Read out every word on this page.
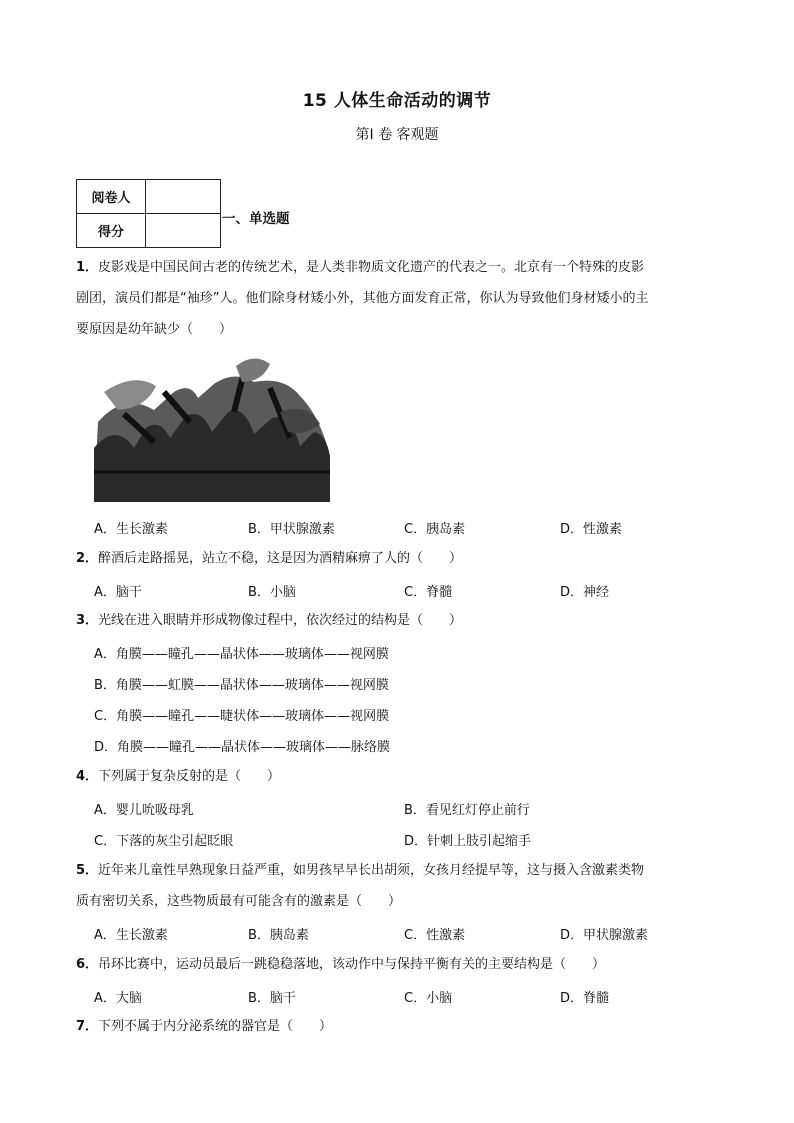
15 人体生命活动的调节
第Ⅰ 卷 客观题
阅卷人	
得分	
一、单选题
1．皮影戏是中国民间古老的传统艺术，是人类非物质文化遗产的代表之一。北京有一个特殊的皮影
剧团，演员们都是“袖珍”人。他们除身材矮小外，其他方面发育正常，你认为导致他们身材矮小的主
要原因是幼年缺少（　　）
A．生长激素	B．甲状腺激素	C．胰岛素	D．性激素
2．醉酒后走路摇晃，站立不稳，这是因为酒精麻痹了人的（　　）
A．脑干	B．小脑	C．脊髓	D．神经
3．光线在进入眼睛并形成物像过程中，依次经过的结构是（　　）
A．角膜——瞳孔——晶状体——玻璃体——视网膜
B．角膜——虹膜——晶状体——玻璃体——视网膜
C．角膜——瞳孔——睫状体——玻璃体——视网膜
D．角膜——瞳孔——晶状体——玻璃体——脉络膜
4．下列属于复杂反射的是（　　）
A．婴儿吮吸母乳	B．看见红灯停止前行
C．下落的灰尘引起眨眼	D．针刺上肢引起缩手
5．近年来儿童性早熟现象日益严重，如男孩早早长出胡须，女孩月经提早等，这与摄入含激素类物
质有密切关系，这些物质最有可能含有的激素是（　　）
A．生长激素	B．胰岛素	C．性激素	D．甲状腺激素
6．吊环比赛中，运动员最后一跳稳稳落地，该动作中与保持平衡有关的主要结构是（　　）
A．大脑	B．脑干	C．小脑	D．脊髓
7．下列不属于内分泌系统的器官是（　　）
